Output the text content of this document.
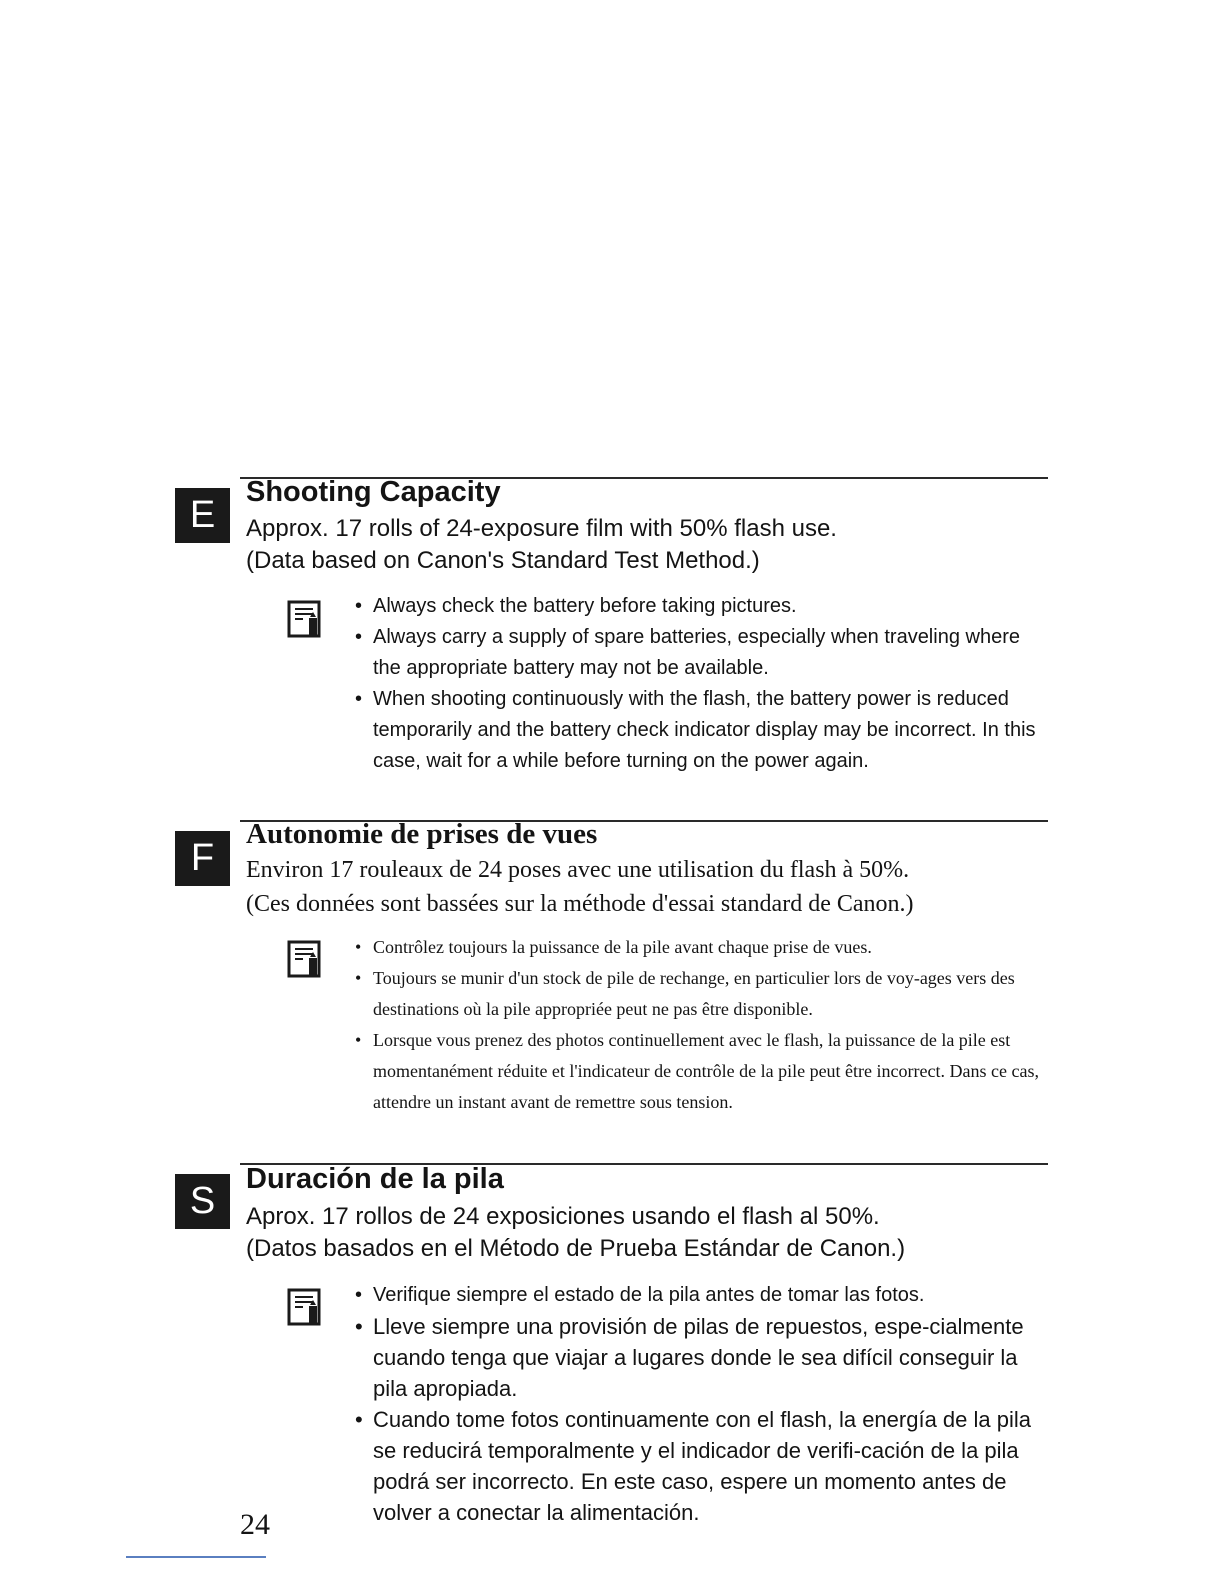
E
Shooting Capacity
Approx. 17 rolls of 24-exposure film with 50% flash use.
(Data based on Canon's Standard Test Method.)
• Always check the battery before taking pictures.
• Always carry a supply of spare batteries, especially when traveling where the appropriate battery may not be available.
• When shooting continuously with the flash, the battery power is reduced temporarily and the battery check indicator display may be incorrect. In this case, wait for a while before turning on the power again.
F
Autonomie de prises de vues
Environ 17 rouleaux de 24 poses avec une utilisation du flash à 50%.
(Ces données sont bassées sur la méthode d'essai standard de Canon.)
• Contrôlez toujours la puissance de la pile avant chaque prise de vues.
• Toujours se munir d'un stock de pile de rechange, en particulier lors de voy-ages vers des destinations où la pile appropriée peut ne pas être disponible.
• Lorsque vous prenez des photos continuellement avec le flash, la puissance de la pile est momentanément réduite et l'indicateur de contrôle de la pile peut être incorrect. Dans ce cas, attendre un instant avant de remettre sous tension.
S
Duración de la pila
Aprox. 17 rollos de 24 exposiciones usando el flash al 50%.
(Datos basados en el Método de Prueba Estándar de Canon.)
• Verifique siempre el estado de la pila antes de tomar las fotos.
• Lleve siempre una provisión de pilas de repuestos, espe-cialmente cuando tenga que viajar a lugares donde le sea difícil conseguir la pila apropiada.
• Cuando tome fotos continuamente con el flash, la energía de la pila se reducirá temporalmente y el indicador de verifi-cación de la pila podrá ser incorrecto. En este caso, espere un momento antes de volver a conectar la alimentación.
24
